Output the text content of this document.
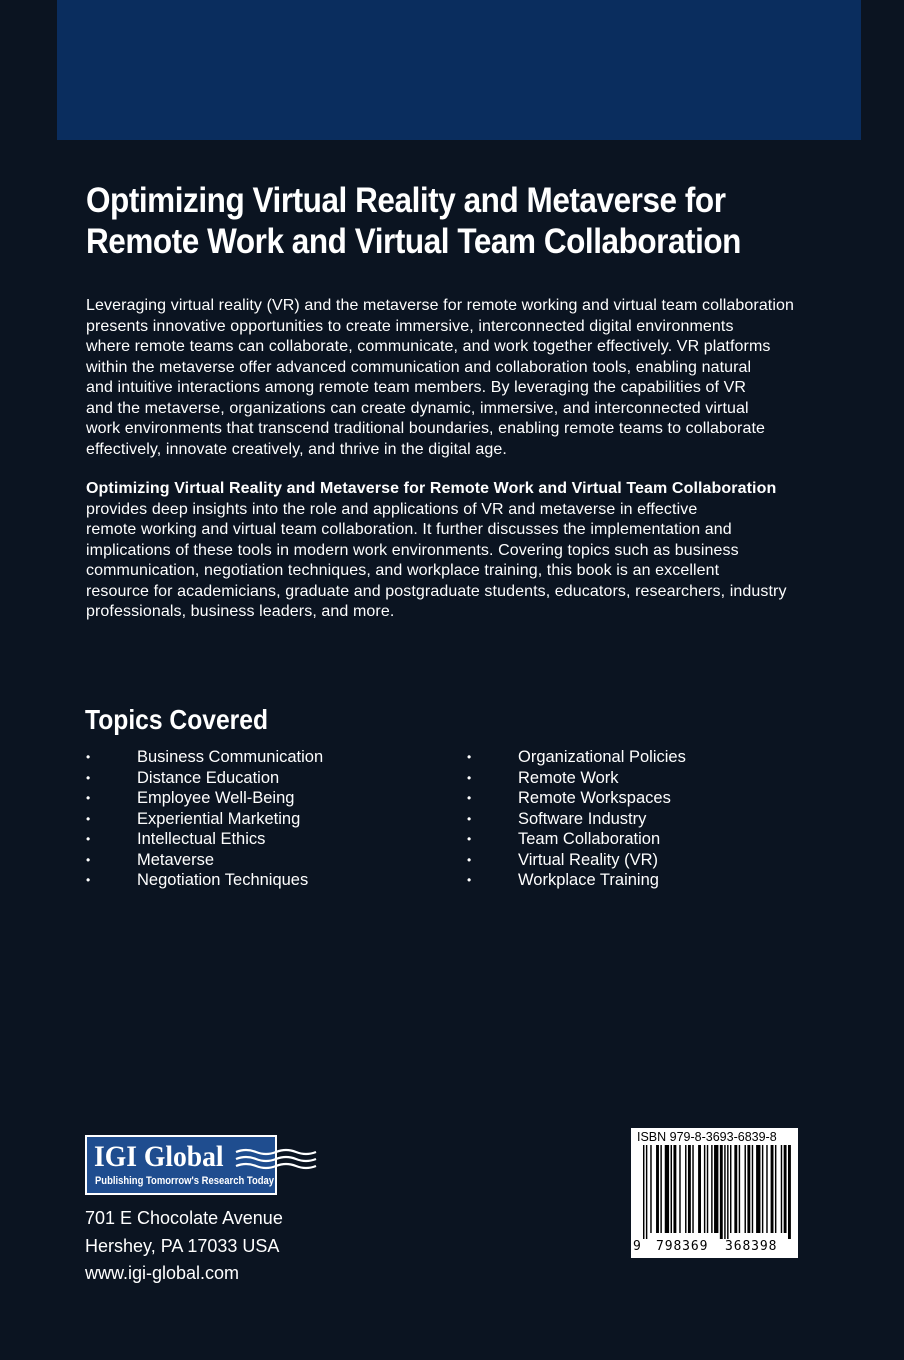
Optimizing Virtual Reality and Metaverse for
Remote Work and Virtual Team Collaboration
Leveraging virtual reality (VR) and the metaverse for remote working and virtual team collaboration
presents innovative opportunities to create immersive, interconnected digital environments
where remote teams can collaborate, communicate, and work together effectively. VR platforms
within the metaverse offer advanced communication and collaboration tools, enabling natural
and intuitive interactions among remote team members. By leveraging the capabilities of VR
and the metaverse, organizations can create dynamic, immersive, and interconnected virtual
work environments that transcend traditional boundaries, enabling remote teams to collaborate
effectively, innovate creatively, and thrive in the digital age.
Optimizing Virtual Reality and Metaverse for Remote Work and Virtual Team Collaboration
provides deep insights into the role and applications of VR and metaverse in effective
remote working and virtual team collaboration. It further discusses the implementation and
implications of these tools in modern work environments. Covering topics such as business
communication, negotiation techniques, and workplace training, this book is an excellent
resource for academicians, graduate and postgraduate students, educators, researchers, industry
professionals, business leaders, and more.
Topics Covered
•	Business Communication
•	Distance Education
•	Employee Well-Being
•	Experiential Marketing
•	Intellectual Ethics
•	Metaverse
•	Negotiation Techniques
•	Organizational Policies
•	Remote Work
•	Remote Workspaces
•	Software Industry
•	Team Collaboration
•	Virtual Reality (VR)
•	Workplace Training
IGI Global
Publishing Tomorrow's Research Today
701 E Chocolate Avenue
Hershey, PA 17033 USA
www.igi-global.com
ISBN 979-8-3693-6839-8
9 798369 368398
